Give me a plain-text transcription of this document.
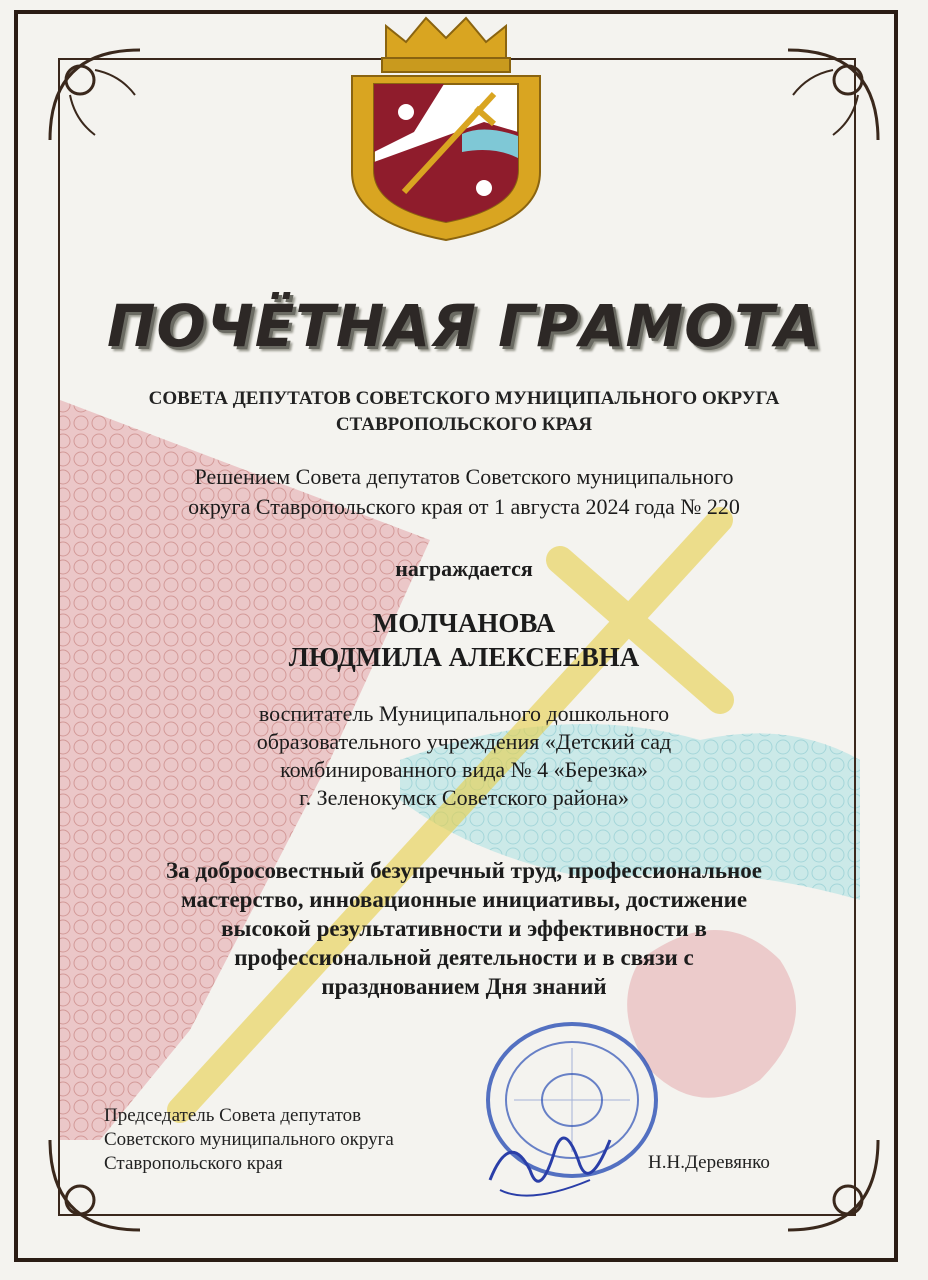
ПОЧЁТНАЯ ГРАМОТА
СОВЕТА ДЕПУТАТОВ СОВЕТСКОГО МУНИЦИПАЛЬНОГО ОКРУГА
СТАВРОПОЛЬСКОГО КРАЯ
Решением Совета депутатов Советского муниципального
округа Ставропольского края от 1 августа 2024 года № 220
награждается
МОЛЧАНОВА
ЛЮДМИЛА АЛЕКСЕЕВНА
воспитатель Муниципального дошкольного
образовательного учреждения «Детский сад
комбинированного вида № 4 «Березка»
г. Зеленокумск Советского района»
За добросовестный безупречный труд, профессиональное
мастерство, инновационные инициативы, достижение
высокой результативности и эффективности в
профессиональной деятельности и в связи с
празднованием Дня знаний
Председатель Совета депутатов
Советского муниципального округа
Ставропольского края	Н.Н.Деревянко
